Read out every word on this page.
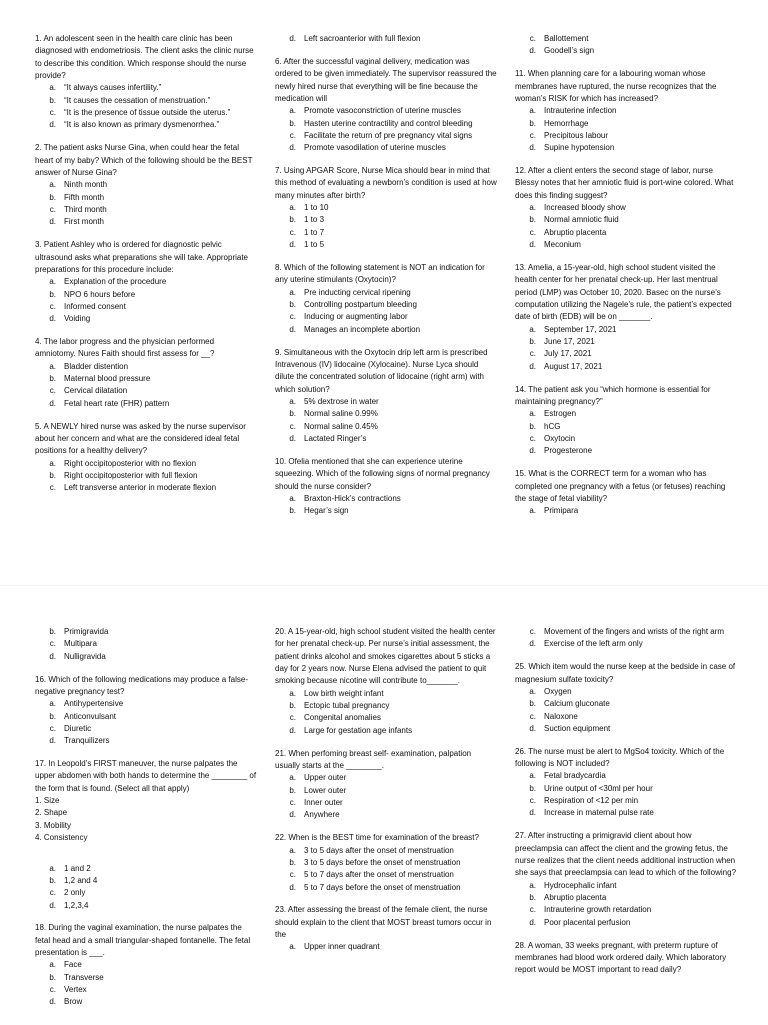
1. An adolescent seen in the health care clinic has been diagnosed with endometriosis. The client asks the clinic nurse to describe this condition. Which response should the nurse provide?

a.	“It always causes infertility.”
b.	“It causes the cessation of menstruation.”
c.	“It is the presence of tissue outside the uterus.”
d.	“It is also known as primary dysmenorrhea.”

2. The patient asks Nurse Gina, when could hear the fetal heart of my baby? Which of the following should be the BEST answer of Nurse Gina?

a.	Ninth month
b.	Fifth month
c.	Third month
d.	First month

3. Patient Ashley who is ordered for diagnostic pelvic ultrasound asks what preparations she will take. Appropriate preparations for this procedure include:

a.	Explanation of the procedure
b.	NPO 6 hours before
c.	Informed consent
d.	Voiding

4. The labor progress and the physician performed amniotomy. Nures Faith should first assess for __?

a.	Bladder distention
b.	Maternal blood pressure
c.	Cervical dilatation
d.	Fetal heart rate (FHR) pattern

5. A NEWLY hired nurse was asked by the nurse supervisor about her concern and what are the considered ideal fetal positions for a healthy delivery?

a.	Right occipitoposterior with no flexion
b.	Right occipitoposterior with full flexion
c.	Left transverse anterior in moderate flexion
d.	Left sacroanterior with full flexion

6. After the successful vaginal delivery, medication was ordered to be given immediately. The supervisor reassured the newly hired nurse that everything will be fine because the medication will

a.	Promote vasoconstriction of uterine muscles
b.	Hasten uterine contractility and control bleeding
c.	Facilitate the return of pre pregnancy vital signs
d.	Promote vasodilation of uterine muscles

7. Using APGAR Score, Nurse Mica should bear in mind that this method of evaluating a newborn’s condition is used at how many minutes after birth?

a.	1 to 10
b.	1 to 3
c.	1 to 7
d.	1 to 5

8. Which of the following statement is NOT an indication for any uterine stimulants (Oxytocin)?

a.	Pre inducting cervical ripening
b.	Controlling postpartum bleeding
c.	Inducing or augmenting labor
d.	Manages an incomplete abortion

9. Simultaneous with the Oxytocin drip left arm is prescribed Intravenous (IV) lidocaine (Xylocaine). Nurse Lyca should dilute the concentrated solution of lidocaine (right arm) with which solution?

a.	5% dextrose in water
b.	Normal saline 0.99%
c.	Normal saline 0.45%
d.	Lactated Ringer’s

10. Ofelia mentioned that she can experience uterine squeezing. Which of the following signs of normal pregnancy should the nurse consider?

a.	Braxton-Hick’s contractions
b.	Hegar’s sign
c.	Ballottement
d.	Goodell’s sign

11. When planning care for a labouring woman whose membranes have ruptured, the nurse recognizes that the woman’s RISK for which has increased?

a.	Intrauterine infection
b.	Hemorrhage
c.	Precipitous labour
d.	Supine hypotension

12. After a client enters the second stage of labor, nurse Blessy notes that her amniotic fluid is port-wine colored. What does this finding suggest?

a.	Increased bloody show
b.	Normal amniotic fluid
c.	Abruptio placenta
d.	Meconium

13. Amelia, a 15-year-old, high school student visited the health center for her prenatal check-up. Her last mentrual period (LMP) was October 10, 2020. Basec on the nurse’s computation utilizing the Nagele’s rule, the patient’s expected date of birth (EDB) will be on _______.

a.	September 17, 2021
b.	June 17, 2021
c.	July 17, 2021
d.	August 17, 2021

14. The patient ask you “which hormone is essential for maintaining pregnancy?”

a.	Estrogen
b.	hCG
c.	Oxytocin
d.	Progesterone

15. What is the CORRECT term for a woman who has completed one pregnancy with a fetus (or fetuses) reaching the stage of fetal viability?

a.	Primipara
b.	Primigravida
c.	Multipara
d.	Nulligravida

16. Which of the following medications may produce a false-negative pregnancy test?

a.	Antihypertensive
b.	Anticonvulsant
c.	Diuretic
d.	Tranquilizers

17. In Leopold’s FIRST maneuver, the nurse palpates the upper abdomen with both hands to determine the ________ of the form that is found. (Select all that apply)

1. Size

2. Shape

3. Mobility

4. Consistency

a.	1 and 2
b.	1,2 and 4
c.	2 only
d.	1,2,3,4

18. During the vaginal examination, the nurse palpates the fetal head and a small triangular-shaped fontanelle. The fetal presentation is ___.

a.	Face
b.	Transverse
c.	Vertex
d.	Brow

20. A 15-year-old, high school student visited the health center for her prenatal check-up. Per nurse’s initial assessment, the patient drinks alcohol and smokes cigarettes about 5 sticks a day for 2 years now. Nurse Elena advised the patient to quit smoking because nicotine will contribute to_______.

a.	Low birth weight infant
b.	Ectopic tubal pregnancy
c.	Congenital anomalies
d.	Large for gestation age infants

21. When perfoming breast self- examination, palpation usually starts at the ________.

a.	Upper outer
b.	Lower outer
c.	Inner outer
d.	Anywhere

22. When is the BEST time for examination of the breast?

a.	3 to 5 days after the onset of menstruation
b.	3 to 5 days before the onset of menstruation
c.	5 to 7 days after the onset of menstruation
d.	5 to 7 days before the onset of menstruation

23. After assessing the breast of the female client, the nurse should explain to the client that MOST breast tumors occur in the

a.	Upper inner quadrant
c.	Movement of the fingers and wrists of the right arm
d.	Exercise of the left arm only

25. Which item would the nurse keep at the bedside in case of magnesium sulfate toxicity?

a.	Oxygen
b.	Calcium gluconate
c.	Naloxone
d.	Suction equipment

26. The nurse must be alert to MgSo4 toxicity. Which of the following is NOT included?

a.	Fetal bradycardia
b.	Urine output of <30ml per hour
c.	Respiration of <12 per min
d.	Increase in maternal pulse rate

27. After instructing a primigravid client about how preeclampsia can affect the client and the growing fetus, the nurse realizes that the client needs additional instruction when she says that preeclampsia can lead to which of the following?

a.	Hydrocephalic infant
b.	Abruptio placenta
c.	Intrauterine growth retardation
d.	Poor placental perfusion

28. A woman, 33 weeks pregnant, with preterm rupture of membranes had blood work ordered daily. Which laboratory report would be MOST important to read daily?
